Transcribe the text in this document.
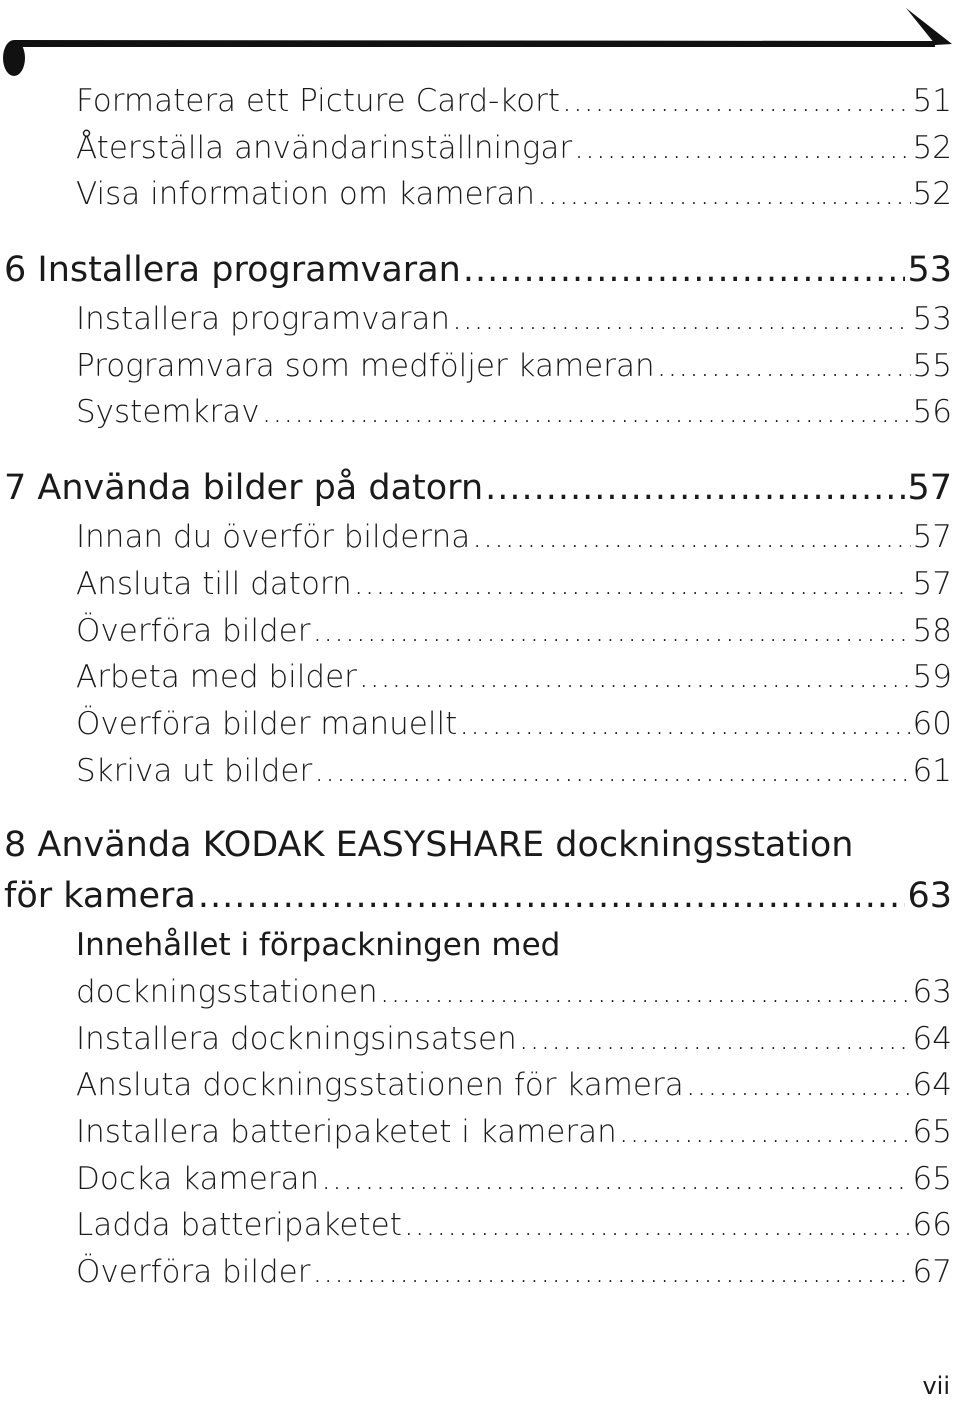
Formatera ett Picture Card-kort .....	51
Återställa användarinställningar .....	52
Visa information om kameran .....	52
6 Installera programvaran .....	53
Installera programvaran .....	53
Programvara som medföljer kameran .....	55
Systemkrav .....	56
7 Använda bilder på datorn .....	57
Innan du överför bilderna .....	57
Ansluta till datorn .....	57
Överföra bilder .....	58
Arbeta med bilder .....	59
Överföra bilder manuellt .....	60
Skriva ut bilder .....	61
8 Använda KODAK EASYSHARE dockningsstation
för kamera .....	63
Innehållet i förpackningen med
dockningsstationen .....	63
Installera dockningsinsatsen .....	64
Ansluta dockningsstationen för kamera .....	64
Installera batteripaketet i kameran .....	65
Docka kameran .....	65
Ladda batteripaketet .....	66
Överföra bilder .....	67
vii
